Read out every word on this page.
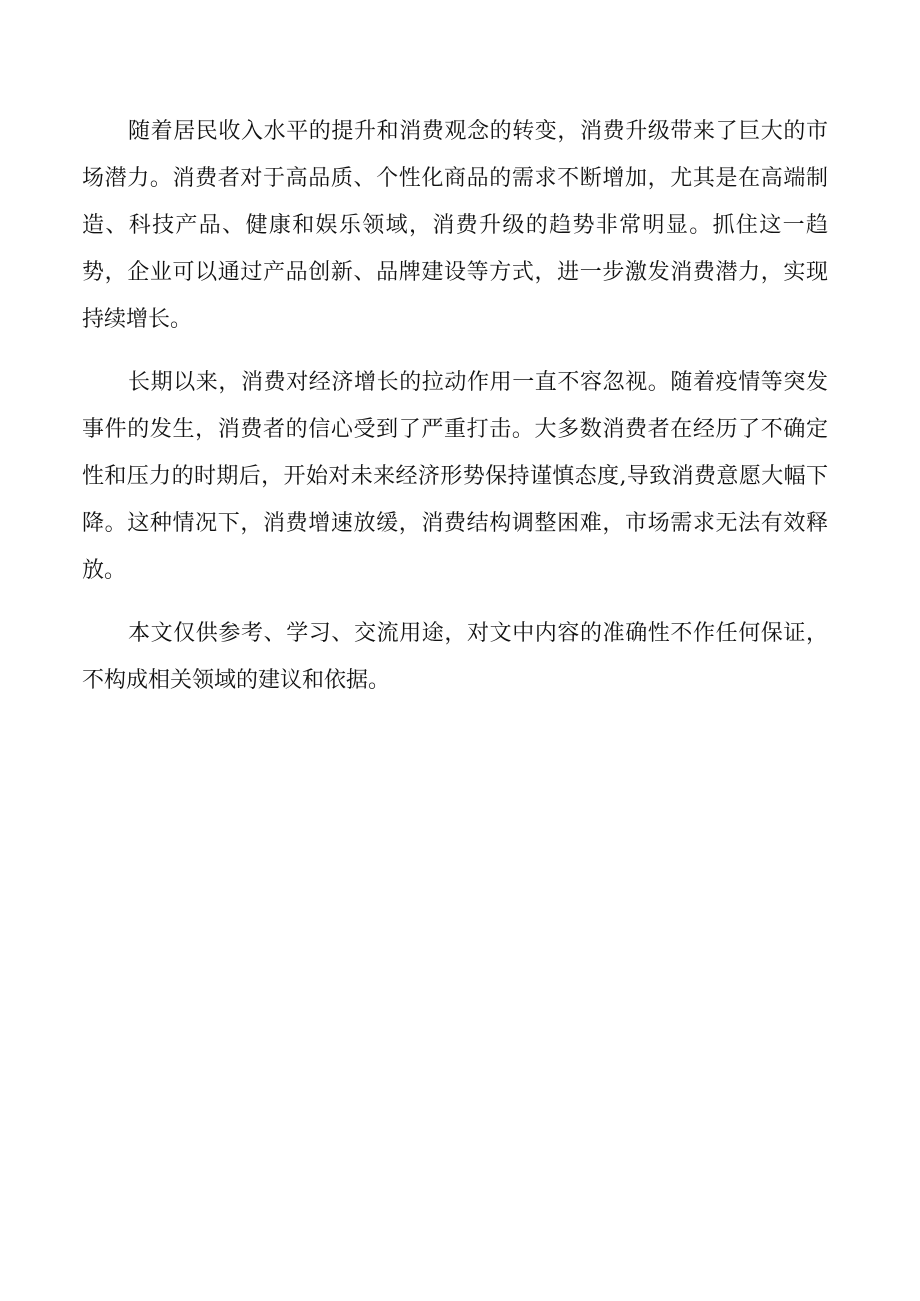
随着居民收入水平的提升和消费观念的转变，消费升级带来了巨大的市场潜力。消费者对于高品质、个性化商品的需求不断增加，尤其是在高端制造、科技产品、健康和娱乐领域，消费升级的趋势非常明显。抓住这一趋势，企业可以通过产品创新、品牌建设等方式，进一步激发消费潜力，实现持续增长。

长期以来，消费对经济增长的拉动作用一直不容忽视。随着疫情等突发事件的发生，消费者的信心受到了严重打击。大多数消费者在经历了不确定性和压力的时期后，开始对未来经济形势保持谨慎态度,导致消费意愿大幅下降。这种情况下，消费增速放缓，消费结构调整困难，市场需求无法有效释放。

本文仅供参考、学习、交流用途，对文中内容的准确性不作任何保证，不构成相关领域的建议和依据。
